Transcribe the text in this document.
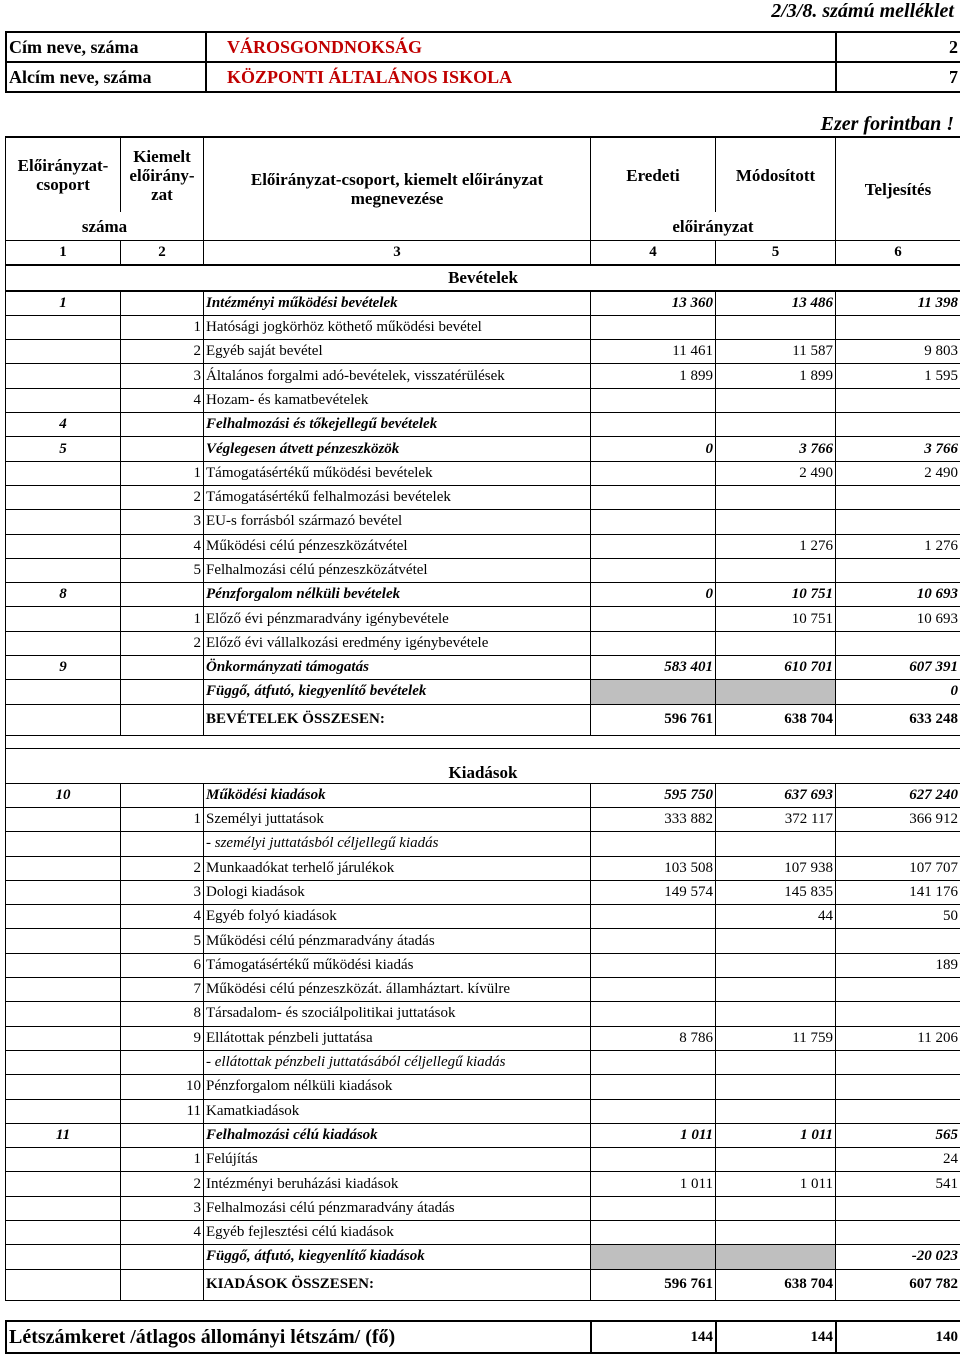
2/3/8. számú melléklet
Cím neve, száma	VÁROSGONDNOKSÁG	2
Alcím neve, száma	KÖZPONTI ÁLTALÁNOS ISKOLA	7
Ezer forintban !
Előirányzat-csoport	Kiemelt előirány-zat	Előirányzat-csoport, kiemelt előirányzat megnevezése	Eredeti	Módosított	Teljesítés
száma			előirányzat		
1	2	3	4	5	6
Bevételek					
1		Intézményi működési bevételek	13 360	13 486	11 398
	1	Hatósági jogkörhöz köthető működési bevétel			
	2	Egyéb saját bevétel	11 461	11 587	9 803
	3	Általános forgalmi adó-bevételek, visszatérülések	1 899	1 899	1 595
	4	Hozam- és kamatbevételek			
4		Felhalmozási és tőkejellegű bevételek			
5		Véglegesen átvett pénzeszközök	0	3 766	3 766
	1	Támogatásértékű működési bevételek		2 490	2 490
	2	Támogatásértékű felhalmozási bevételek			
	3	EU-s forrásból származó bevétel			
	4	Működési célú pénzeszközátvétel		1 276	1 276
	5	Felhalmozási célú pénzeszközátvétel			
8		Pénzforgalom nélküli bevételek	0	10 751	10 693
	1	Előző évi pénzmaradvány igénybevétele		10 751	10 693
	2	Előző évi vállalkozási eredmény igénybevétele			
9		Önkormányzati támogatás	583 401	610 701	607 391
		Függő, átfutó, kiegyenlítő bevételek			0
		BEVÉTELEK ÖSSZESEN:	596 761	638 704	633 248

Kiadások					
10		Működési kiadások	595 750	637 693	627 240
	1	Személyi juttatások	333 882	372 117	366 912
		- személyi juttatásból céljellegű kiadás			
	2	Munkaadókat terhelő járulékok	103 508	107 938	107 707
	3	Dologi kiadások	149 574	145 835	141 176
	4	Egyéb folyó kiadások		44	50
	5	Működési célú pénzmaradvány átadás			
	6	Támogatásértékű működési kiadás			189
	7	Működési célú pénzeszközát. államháztart. kívülre			
	8	Társadalom- és szociálpolitikai juttatások			
	9	Ellátottak pénzbeli juttatása	8 786	11 759	11 206
		- ellátottak pénzbeli juttatásából céljellegű kiadás			
	10	Pénzforgalom nélküli kiadások			
	11	Kamatkiadások			
11		Felhalmozási célú kiadások	1 011	1 011	565
	1	Felújítás			24
	2	Intézményi beruházási kiadások	1 011	1 011	541
	3	Felhalmozási célú pénzmaradvány átadás			
	4	Egyéb fejlesztési célú kiadások			
		Függő, átfutó, kiegyenlítő kiadások			-20 023
		KIADÁSOK ÖSSZESEN:	596 761	638 704	607 782
Létszámkeret /átlagos állományi létszám/ (fő)	144	144	140
